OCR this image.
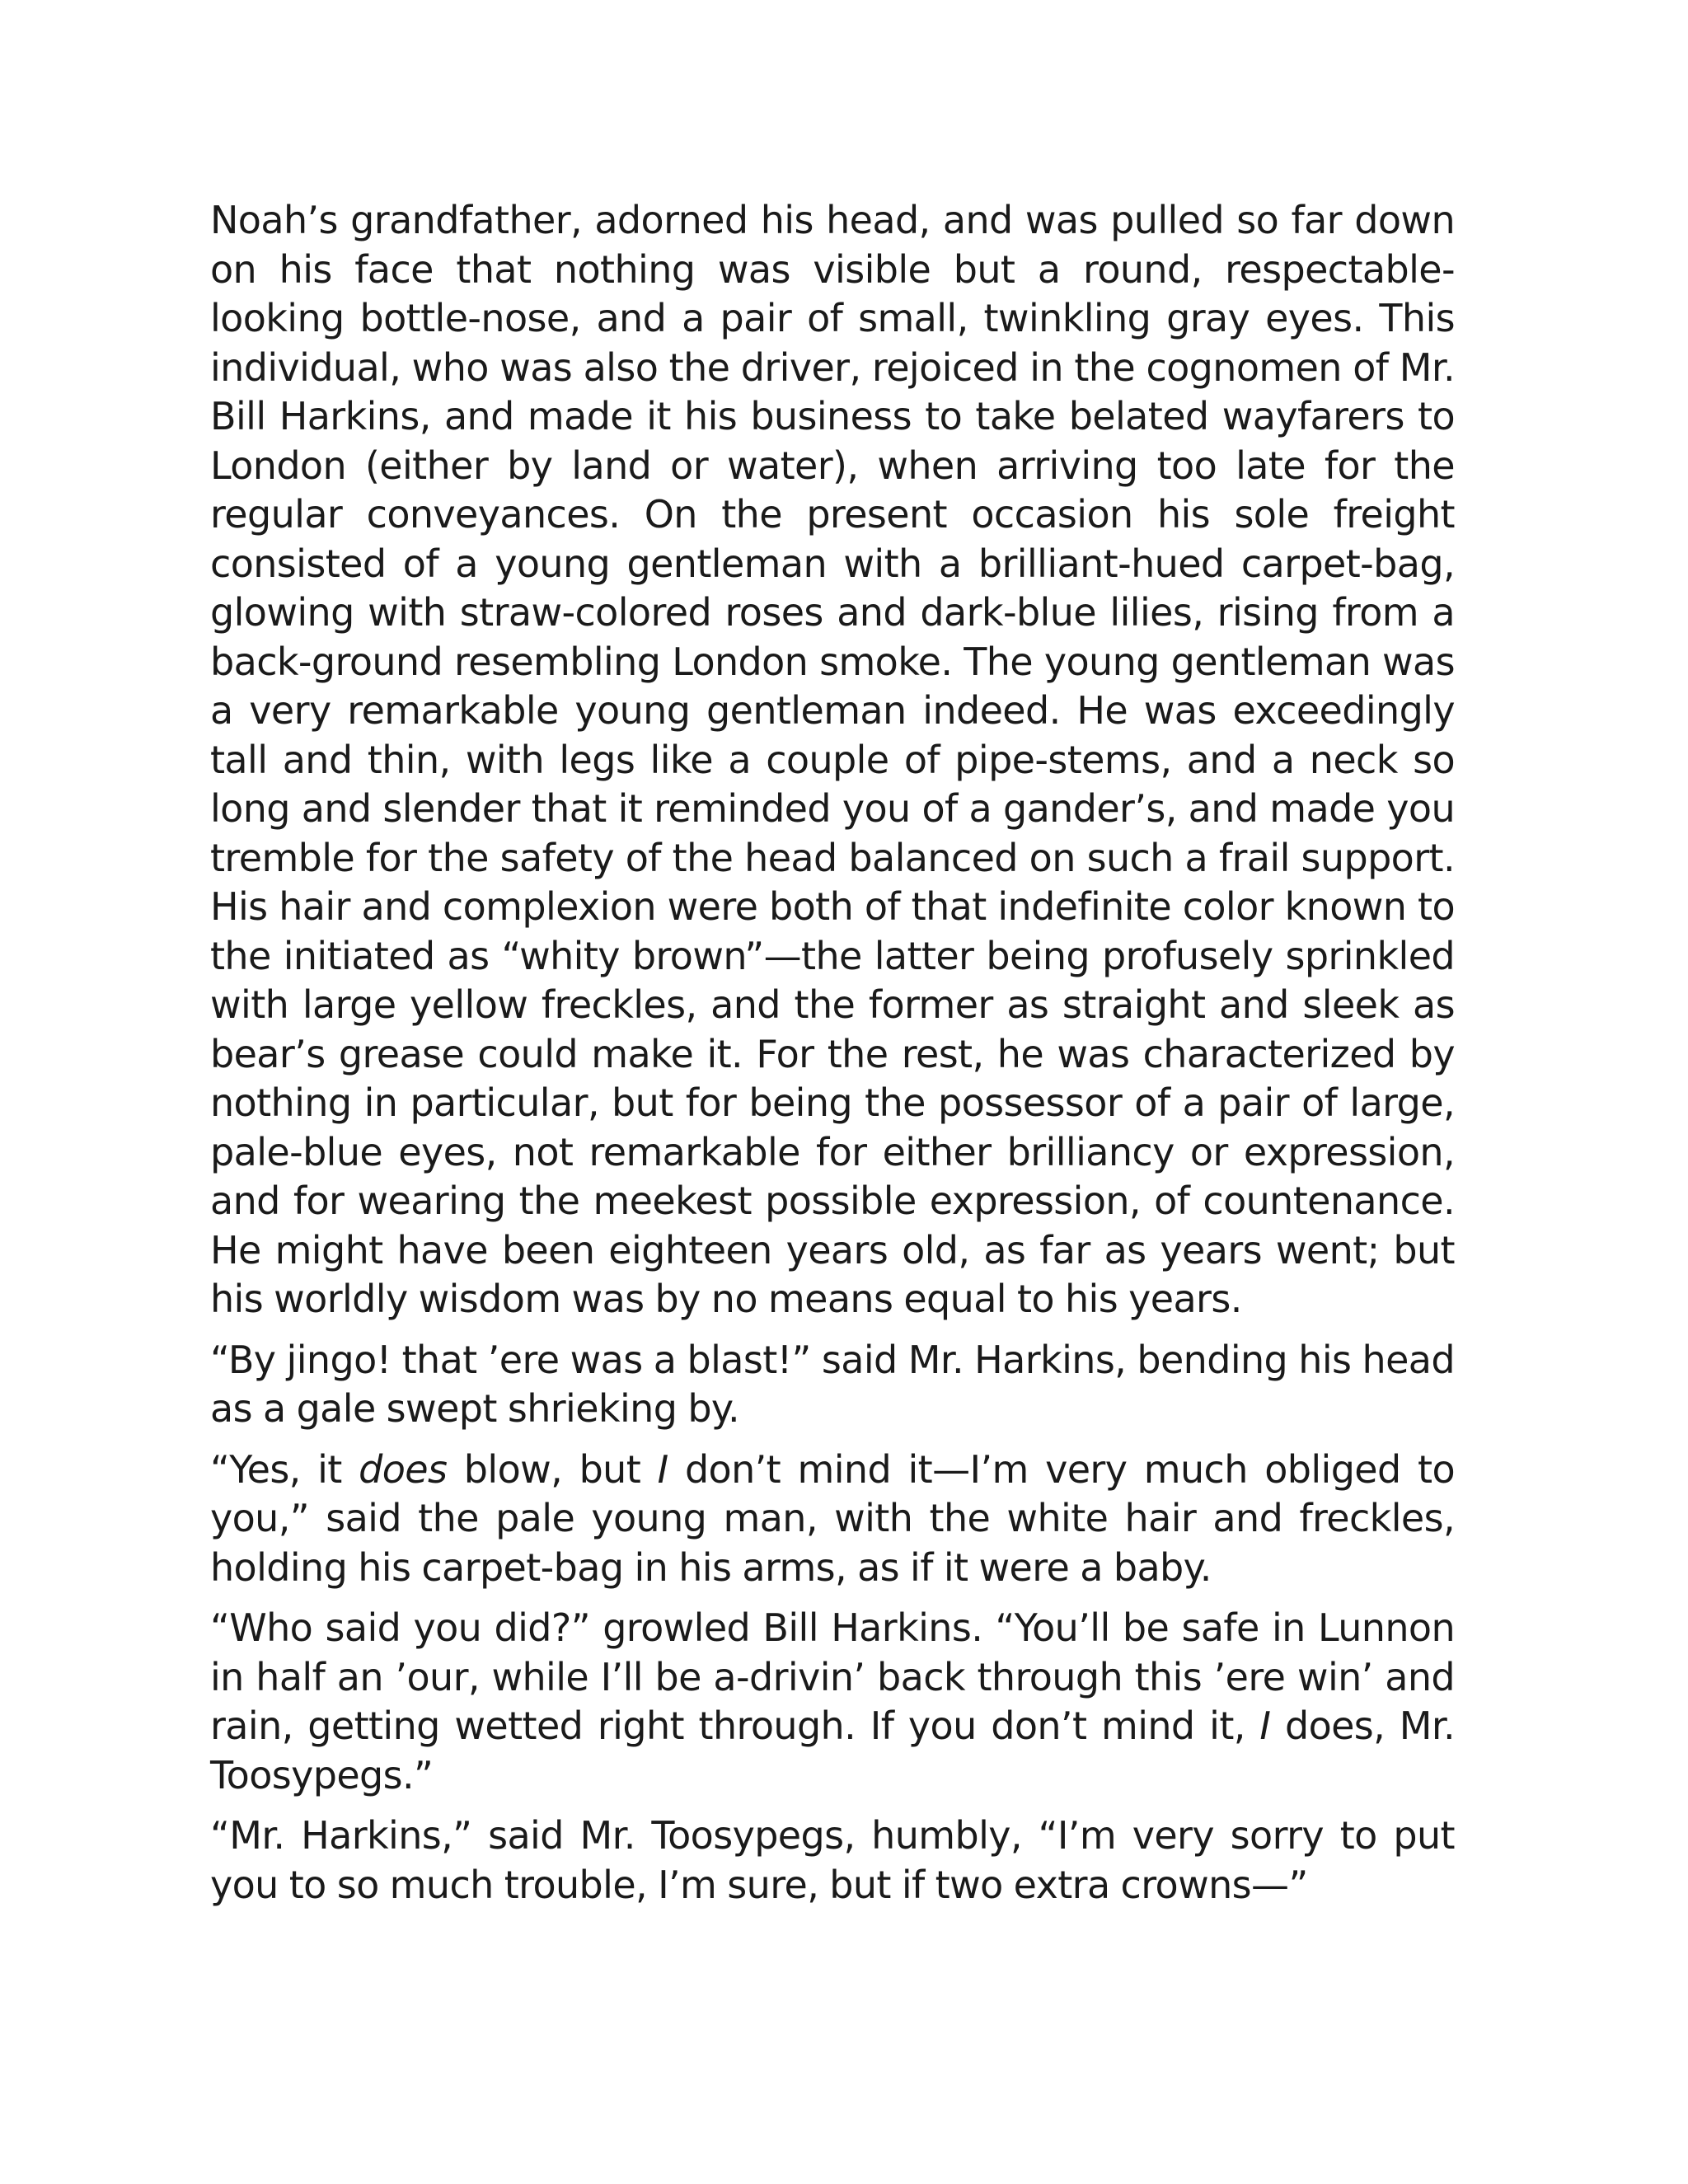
Noah’s grandfather, adorned his head, and was pulled so far down on his face that nothing was visible but a round, respectable-looking bottle-nose, and a pair of small, twinkling gray eyes. This individual, who was also the driver, rejoiced in the cognomen of Mr. Bill Harkins, and made it his business to take belated wayfarers to London (either by land or water), when arriving too late for the regular conveyances. On the present occasion his sole freight consisted of a young gentleman with a brilliant-hued carpet-bag, glowing with straw-colored roses and dark-blue lilies, rising from a back-ground resembling London smoke. The young gentleman was a very remarkable young gentleman indeed. He was exceedingly tall and thin, with legs like a couple of pipe-stems, and a neck so long and slender that it reminded you of a gander’s, and made you tremble for the safety of the head balanced on such a frail support. His hair and complexion were both of that indefinite color known to the initiated as “whity brown”—the latter being profusely sprinkled with large yellow freckles, and the former as straight and sleek as bear’s grease could make it. For the rest, he was characterized by nothing in particular, but for being the possessor of a pair of large, pale-blue eyes, not remarkable for either brilliancy or expression, and for wearing the meekest possible expression, of countenance. He might have been eighteen years old, as far as years went; but his worldly wisdom was by no means equal to his years.

“By jingo! that ’ere was a blast!” said Mr. Harkins, bending his head as a gale swept shrieking by.

“Yes, it does blow, but I don’t mind it—I’m very much obliged to you,” said the pale young man, with the white hair and freckles, holding his carpet-bag in his arms, as if it were a baby.

“Who said you did?” growled Bill Harkins. “You’ll be safe in Lunnon in half an ’our, while I’ll be a-drivin’ back through this ’ere win’ and rain, getting wetted right through. If you don’t mind it, I does, Mr. Toosypegs.”

“Mr. Harkins,” said Mr. Toosypegs, humbly, “I’m very sorry to put you to so much trouble, I’m sure, but if two extra crowns—”
